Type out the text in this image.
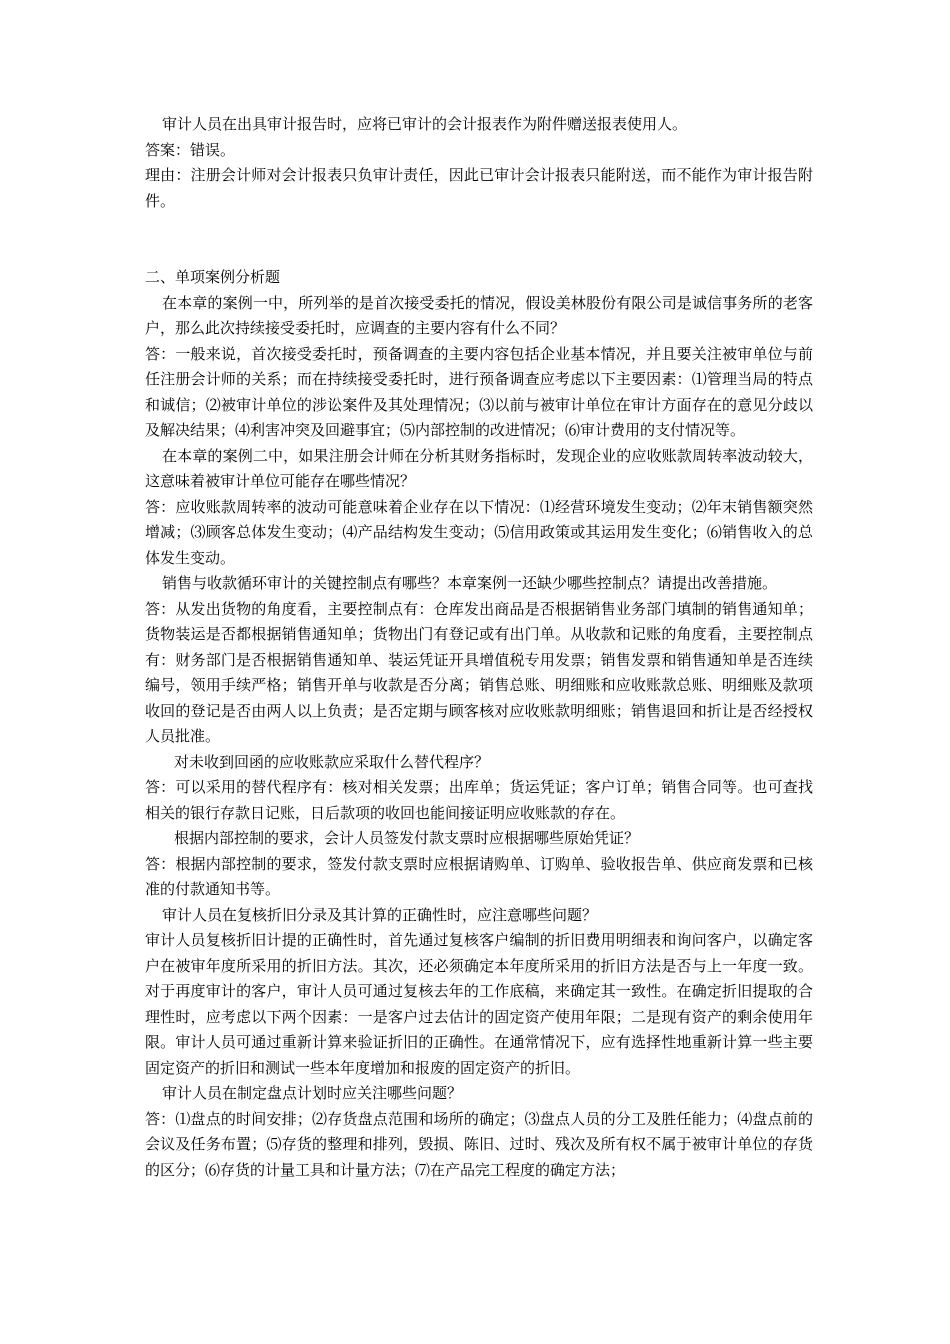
审计人员在出具审计报告时，应将已审计的会计报表作为附件赠送报表使用人。

答案：错误。

理由：注册会计师对会计报表只负审计责任，因此已审计会计报表只能附送，而不能作为审计报告附件。

二、单项案例分析题

在本章的案例一中，所列举的是首次接受委托的情况，假设美林股份有限公司是诚信事务所的老客户，那么此次持续接受委托时，应调查的主要内容有什么不同？

答：一般来说，首次接受委托时，预备调查的主要内容包括企业基本情况，并且要关注被审单位与前任注册会计师的关系；而在持续接受委托时，进行预备调查应考虑以下主要因素：⑴管理当局的特点和诚信；⑵被审计单位的涉讼案件及其处理情况；⑶以前与被审计单位在审计方面存在的意见分歧以及解决结果；⑷利害冲突及回避事宜；⑸内部控制的改进情况；⑹审计费用的支付情况等。

在本章的案例二中，如果注册会计师在分析其财务指标时，发现企业的应收账款周转率波动较大，这意味着被审计单位可能存在哪些情况？

答：应收账款周转率的波动可能意味着企业存在以下情况：⑴经营环境发生变动；⑵年末销售额突然增减；⑶顾客总体发生变动；⑷产品结构发生变动；⑸信用政策或其运用发生变化；⑹销售收入的总体发生变动。

销售与收款循环审计的关键控制点有哪些？本章案例一还缺少哪些控制点？请提出改善措施。

答：从发出货物的角度看，主要控制点有：仓库发出商品是否根据销售业务部门填制的销售通知单；货物装运是否都根据销售通知单；货物出门有登记或有出门单。从收款和记账的角度看，主要控制点有：财务部门是否根据销售通知单、装运凭证开具增值税专用发票；销售发票和销售通知单是否连续编号，领用手续严格；销售开单与收款是否分离；销售总账、明细账和应收账款总账、明细账及款项收回的登记是否由两人以上负责；是否定期与顾客核对应收账款明细账；销售退回和折让是否经授权人员批准。

对未收到回函的应收账款应采取什么替代程序？

答：可以采用的替代程序有：核对相关发票；出库单；货运凭证；客户订单；销售合同等。也可查找相关的银行存款日记账，日后款项的收回也能间接证明应收账款的存在。

根据内部控制的要求，会计人员签发付款支票时应根据哪些原始凭证？

答：根据内部控制的要求，签发付款支票时应根据请购单、订购单、验收报告单、供应商发票和已核准的付款通知书等。

审计人员在复核折旧分录及其计算的正确性时，应注意哪些问题？

审计人员复核折旧计提的正确性时，首先通过复核客户编制的折旧费用明细表和询问客户，以确定客户在被审年度所采用的折旧方法。其次，还必须确定本年度所采用的折旧方法是否与上一年度一致。对于再度审计的客户，审计人员可通过复核去年的工作底稿，来确定其一致性。在确定折旧提取的合理性时，应考虑以下两个因素：一是客户过去估计的固定资产使用年限；二是现有资产的剩余使用年限。审计人员可通过重新计算来验证折旧的正确性。在通常情况下，应有选择性地重新计算一些主要固定资产的折旧和测试一些本年度增加和报废的固定资产的折旧。

审计人员在制定盘点计划时应关注哪些问题？

答：⑴盘点的时间安排；⑵存货盘点范围和场所的确定；⑶盘点人员的分工及胜任能力；⑷盘点前的会议及任务布置；⑸存货的整理和排列，毁损、陈旧、过时、残次及所有权不属于被审计单位的存货的区分；⑹存货的计量工具和计量方法；⑺在产品完工程度的确定方法；
